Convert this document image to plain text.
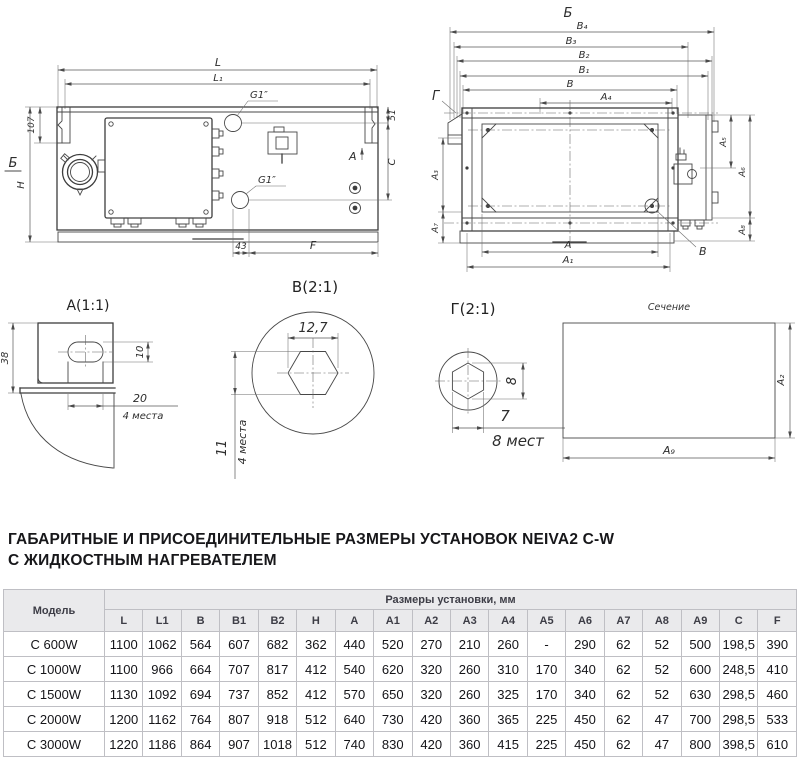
L
L₁
107
Б
H
G1″
G1″
A
51
C
43	F
Б
В₄
В₃
В₂
В₁
В
А₄
Г
В
А₅
А₆
А₈
А₃
А₇
А
А₁
А(1:1)
38	10
20
4 места
В(2:1)
12,7
11 4 места
Г(2:1)
8
7
8 мест
Сечение
А₂
А₉
ГАБАРИТНЫЕ И ПРИСОЕДИНИТЕЛЬНЫЕ РАЗМЕРЫ УСТАНОВОК NEIVA2 C-W
С ЖИДКОСТНЫМ НАГРЕВАТЕЛЕМ
Модель	Размеры установки, мм																	
	L	L1	B	B1	B2	H	A	A1	A2	A3	A4	A5	A6	A7	A8	A9	C	F
С 600W	1100	1062	564	607	682	362	440	520	270	210	260	-	290	62	52	500	198,5	390
С 1000W	1100	966	664	707	817	412	540	620	320	260	310	170	340	62	52	600	248,5	410
С 1500W	1130	1092	694	737	852	412	570	650	320	260	325	170	340	62	52	630	298,5	460
С 2000W	1200	1162	764	807	918	512	640	730	420	360	365	225	450	62	47	700	298,5	533
С 3000W	1220	1186	864	907	1018	512	740	830	420	360	415	225	450	62	47	800	398,5	610
